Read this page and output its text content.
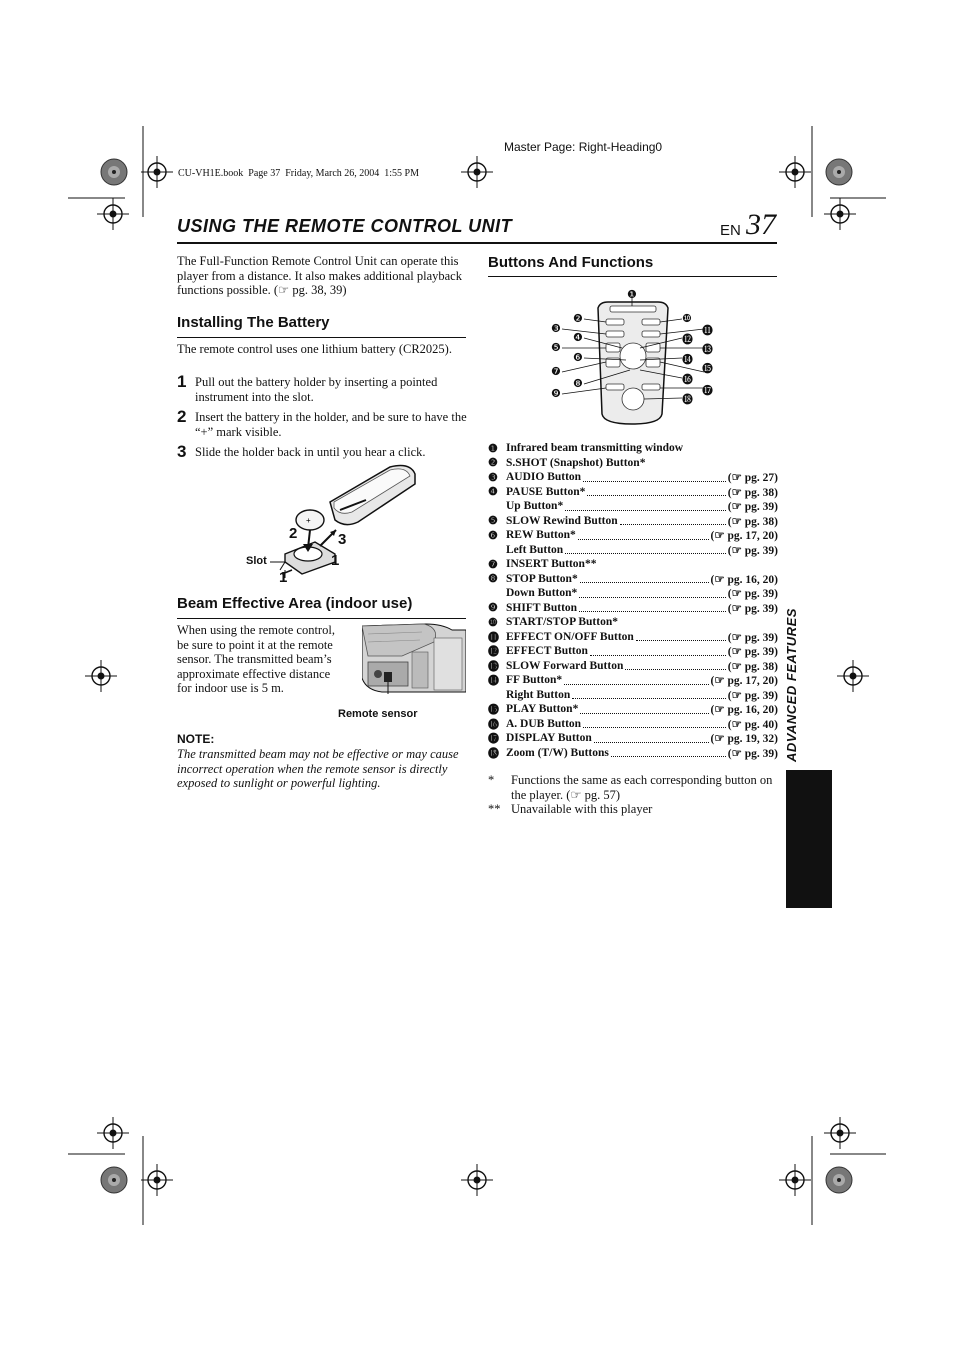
Master Page: Right-Heading0
CU-VH1E.book  Page 37  Friday, March 26, 2004  1:55 PM
USING THE REMOTE CONTROL UNIT	EN 37
The Full-Function Remote Control Unit can operate this player from a distance. It also makes additional playback functions possible. (☞ pg. 38, 39)
Installing The Battery
The remote control uses one lithium battery (CR2025).
1 Pull out the battery holder by inserting a pointed instrument into the slot.
2 Insert the battery in the holder, and be sure to have the “+” mark visible.
3 Slide the holder back in until you hear a click.
+
Slot
2	3
1
1
Beam Effective Area (indoor use)
When using the remote control, be sure to point it at the remote sensor. The transmitted beam’s approximate effective distance for indoor use is 5 m.
Remote sensor
NOTE:
The transmitted beam may not be effective or may cause incorrect operation when the remote sensor is directly exposed to sunlight or powerful lighting.
Buttons And Functions
❶
❷
❸
❹
❺
❻
❼
❽
❾
❿
⓫
⓬
⓭
⓮
⓯
⓰
⓱
⓲
❶ Infrared beam transmitting window
❷ S.SHOT (Snapshot) Button*
❸ AUDIO Button	(☞ pg. 27)
❹ PAUSE Button*	(☞ pg. 38)
Up Button*	(☞ pg. 39)
❺ SLOW Rewind Button	(☞ pg. 38)
❻ REW Button*	(☞ pg. 17, 20)
Left Button	(☞ pg. 39)
❼ INSERT Button**
❽ STOP Button*	(☞ pg. 16, 20)
Down Button*	(☞ pg. 39)
❾ SHIFT Button	(☞ pg. 39)
❿ START/STOP Button*
⓫ EFFECT ON/OFF Button	(☞ pg. 39)
⓬ EFFECT Button	(☞ pg. 39)
⓭ SLOW Forward Button	(☞ pg. 38)
⓮ FF Button*	(☞ pg. 17, 20)
Right Button	(☞ pg. 39)
⓯ PLAY Button*	(☞ pg. 16, 20)
⓰ A. DUB Button	(☞ pg. 40)
⓱ DISPLAY Button	(☞ pg. 19, 32)
⓲ Zoom (T/W) Buttons	(☞ pg. 39)
*	Functions the same as each corresponding button on the player. (☞ pg. 57)
** Unavailable with this player
ADVANCED FEATURES
